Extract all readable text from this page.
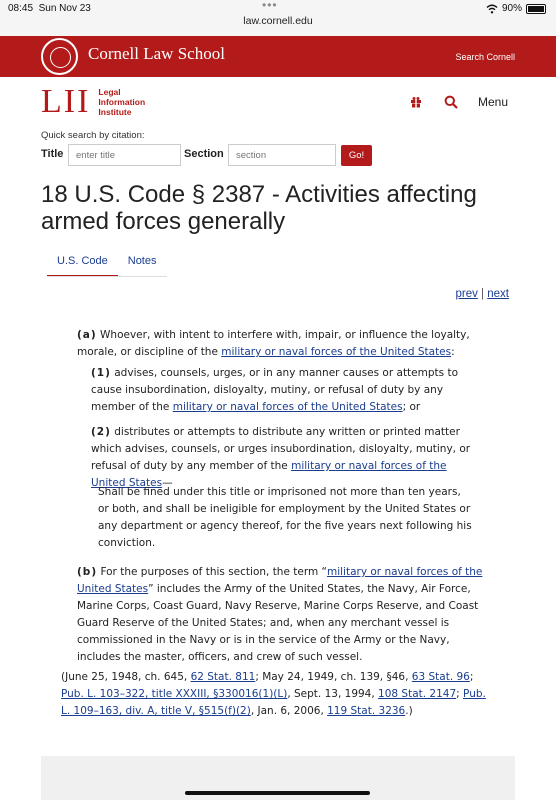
08:45 Sun Nov 23	•••
law.cornell.edu
90%
Cornell Law School	Search Cornell
LII Legal
Information
Institute
Menu
Quick search by citation:
Title
enter title	Section
section	Go!
18 U.S. Code § 2387 - Activities affecting armed forces generally
U.S. Code	Notes
prev | next
(a) Whoever, with intent to interfere with, impair, or influence the loyalty, morale, or discipline of the military or naval forces of the United States:
(1) advises, counsels, urges, or in any manner causes or attempts to cause insubordination, disloyalty, mutiny, or refusal of duty by any member of the military or naval forces of the United States; or
(2) distributes or attempts to distribute any written or printed matter which advises, counsels, or urges insubordination, disloyalty, mutiny, or refusal of duty by any member of the military or naval forces of the United States—
Shall be fined under this title or imprisoned not more than ten years, or both, and shall be ineligible for employment by the United States or any department or agency thereof, for the five years next following his conviction.
(b) For the purposes of this section, the term “military or naval forces of the United States” includes the Army of the United States, the Navy, Air Force, Marine Corps, Coast Guard, Navy Reserve, Marine Corps Reserve, and Coast Guard Reserve of the United States; and, when any merchant vessel is commissioned in the Navy or is in the service of the Army or the Navy, includes the master, officers, and crew of such vessel.
(June 25, 1948, ch. 645, 62 Stat. 811; May 24, 1949, ch. 139, §46, 63 Stat. 96; Pub. L. 103–322, title XXXIII, §330016(1)(L), Sept. 13, 1994, 108 Stat. 2147; Pub. L. 109–163, div. A, title V, §515(f)(2), Jan. 6, 2006, 119 Stat. 3236.)
